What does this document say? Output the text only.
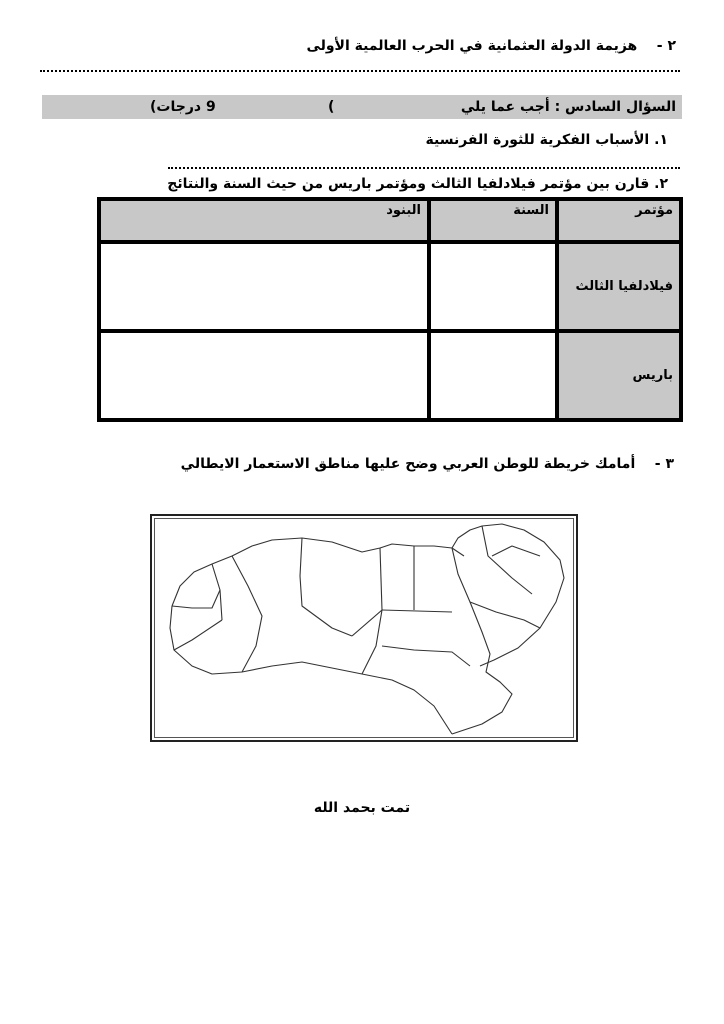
٢ -    هزيمة الدولة العثمانية في الحرب العالمية الأولى
السؤال السادس : أجب عما يلي
(
9 درجات)
١. الأسباب الفكرية للثورة الفرنسية
٢. قارن بين مؤتمر فيلادلفيا الثالث ومؤتمر باريس من حيث السنة والنتائج
مؤتمر	السنة	البنود
فيلادلفيا الثالث		
باريس		
٣ -    أمامك خريطة للوطن العربي وضح عليها مناطق الاستعمار الايطالي
تمت بحمد الله
